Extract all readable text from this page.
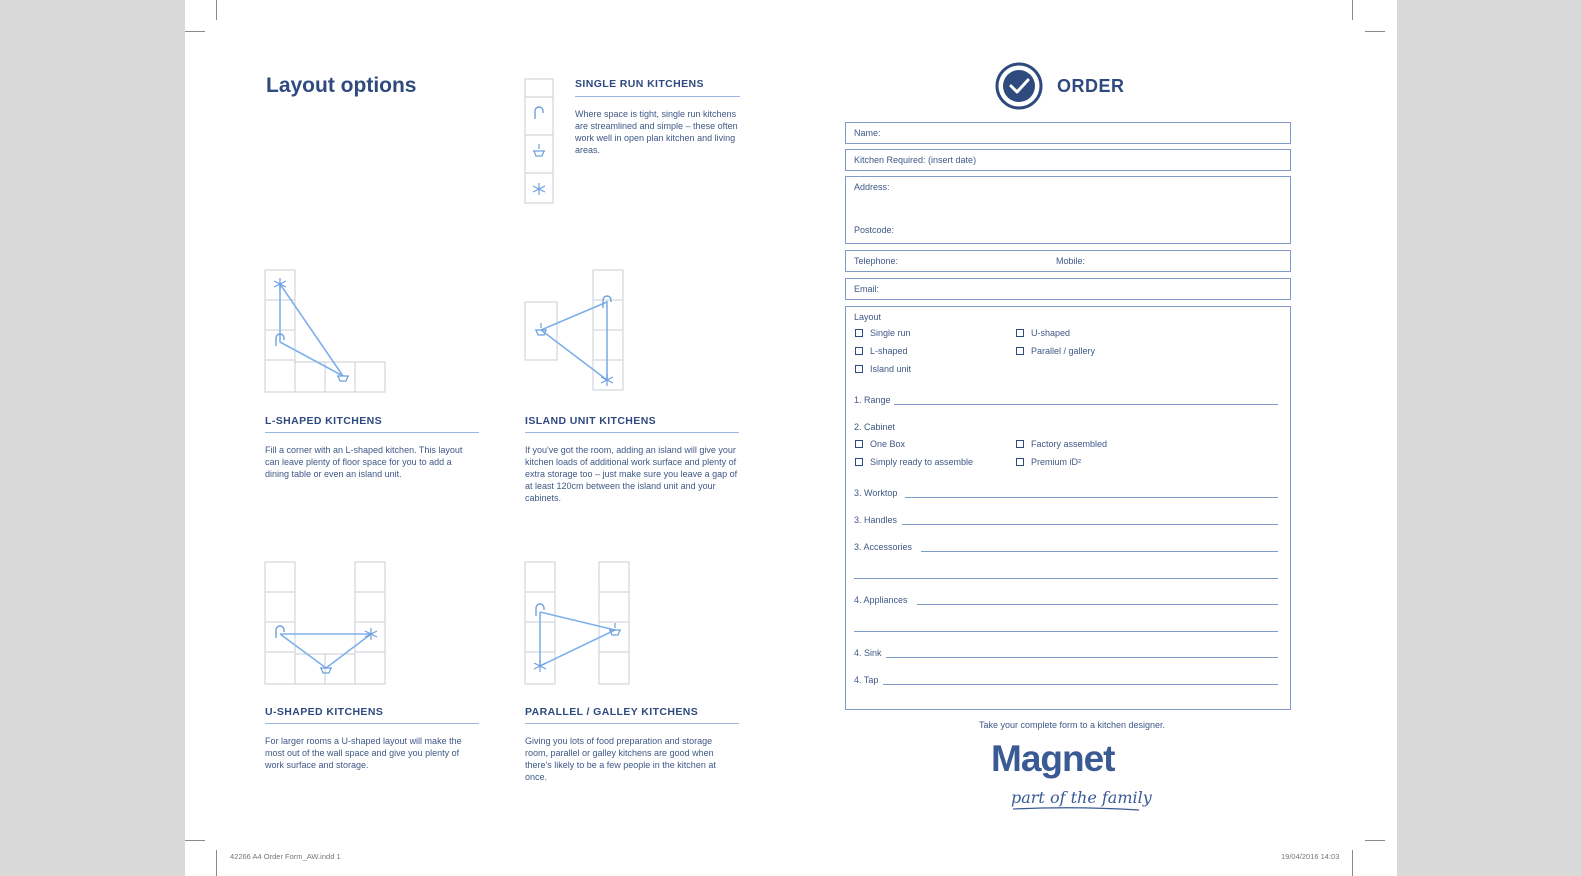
Layout options	SINGLE RUN KITCHENS
Where space is tight, single run kitchens are streamlined and simple – these often work well in open plan kitchen and living areas.
L-SHAPED KITCHENS
Fill a corner with an L-shaped kitchen. This layout can leave plenty of floor space for you to add a dining table or even an island unit.
ISLAND UNIT KITCHENS
If you've got the room, adding an island will give your kitchen loads of additional work surface and plenty of extra storage too – just make sure you leave a gap of at least 120cm between the island unit and your cabinets.
U-SHAPED KITCHENS
For larger rooms a U-shaped layout will make the most out of the wall space and give you plenty of work surface and storage.
PARALLEL / GALLEY KITCHENS
Giving you lots of food preparation and storage room, parallel or galley kitchens are good when there's likely to be a few people in the kitchen at once.
ORDER
Name:
Kitchen Required: (insert date)
Address:
Postcode:
Telephone:	Mobile:
Email:
Layout
Single run	U-shaped
L-shaped	Parallel / gallery
Island unit
1. Range
2. Cabinet
One Box	Factory assembled
Simply ready to assemble	Premium iD²
3. Worktop
3. Handles
3. Accessories
4. Appliances
4. Sink
4. Tap
Take your complete form to a kitchen designer.
Magnet
part of the family
42266 A4 Order Form_AW.indd 1	19/04/2016 14:03
